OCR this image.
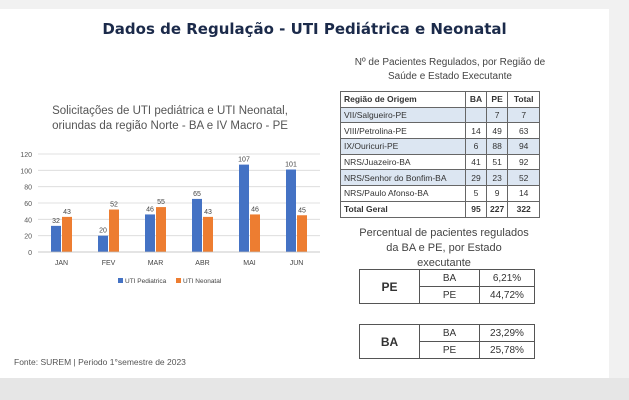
Dados de Regulação - UTI Pediátrica e Neonatal
Solicitações de UTI pediátrica e UTI Neonatal, oriundas da região Norte - BA e IV Macro - PE
0
20
40
60
80
100
120
32
43
JAN
20
52
FEV
46
55
MAR
65
43
ABR
107
46
MAI
101
45
JUN
UTI Pediatrica	UTI Neonatal
Nº de Pacientes Regulados, por Região de Saúde e Estado Executante
Região de Origem	BA	PE	Total
VII/Salgueiro-PE		7	7
VIII/Petrolina-PE	14	49	63
IX/Ouricuri-PE	6	88	94
NRS/Juazeiro-BA	41	51	92
NRS/Senhor do Bonfim-BA	29	23	52
NRS/Paulo Afonso-BA	5	9	14
Total Geral	95	227	322
Percentual de pacientes regulados da BA e PE, por Estado executante
PE	BA	6,21%
	PE	44,72%
BA	BA	23,29%
	PE	25,78%
Fonte: SUREM | Periodo 1°semestre de 2023
